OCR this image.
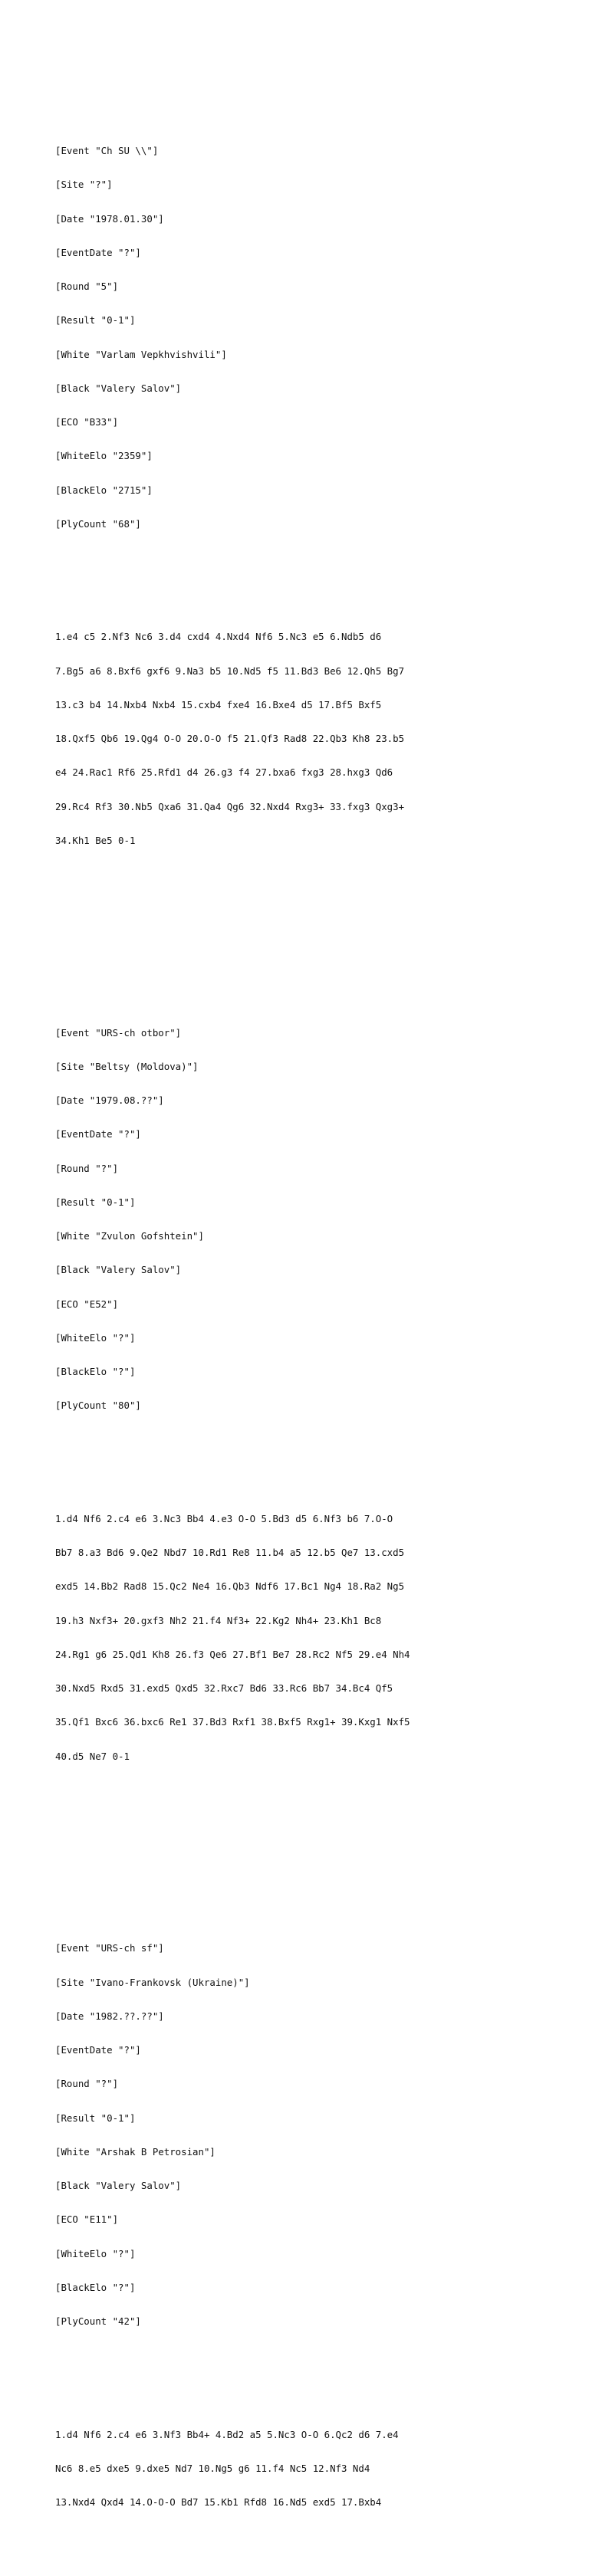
[Event "Ch SU \\"]

[Site "?"]

[Date "1978.01.30"]

[EventDate "?"]

[Round "5"]

[Result "0-1"]

[White "Varlam Vepkhvishvili"]

[Black "Valery Salov"]

[ECO "B33"]

[WhiteElo "2359"]

[BlackElo "2715"]

[PlyCount "68"]

1.e4 c5 2.Nf3 Nc6 3.d4 cxd4 4.Nxd4 Nf6 5.Nc3 e5 6.Ndb5 d6

7.Bg5 a6 8.Bxf6 gxf6 9.Na3 b5 10.Nd5 f5 11.Bd3 Be6 12.Qh5 Bg7

13.c3 b4 14.Nxb4 Nxb4 15.cxb4 fxe4 16.Bxe4 d5 17.Bf5 Bxf5

18.Qxf5 Qb6 19.Qg4 O-O 20.O-O f5 21.Qf3 Rad8 22.Qb3 Kh8 23.b5

e4 24.Rac1 Rf6 25.Rfd1 d4 26.g3 f4 27.bxa6 fxg3 28.hxg3 Qd6

29.Rc4 Rf3 30.Nb5 Qxa6 31.Qa4 Qg6 32.Nxd4 Rxg3+ 33.fxg3 Qxg3+

34.Kh1 Be5 0-1

[Event "URS-ch otbor"]

[Site "Beltsy (Moldova)"]

[Date "1979.08.??"]

[EventDate "?"]

[Round "?"]

[Result "0-1"]

[White "Zvulon Gofshtein"]

[Black "Valery Salov"]

[ECO "E52"]

[WhiteElo "?"]

[BlackElo "?"]

[PlyCount "80"]

1.d4 Nf6 2.c4 e6 3.Nc3 Bb4 4.e3 O-O 5.Bd3 d5 6.Nf3 b6 7.O-O

Bb7 8.a3 Bd6 9.Qe2 Nbd7 10.Rd1 Re8 11.b4 a5 12.b5 Qe7 13.cxd5

exd5 14.Bb2 Rad8 15.Qc2 Ne4 16.Qb3 Ndf6 17.Bc1 Ng4 18.Ra2 Ng5

19.h3 Nxf3+ 20.gxf3 Nh2 21.f4 Nf3+ 22.Kg2 Nh4+ 23.Kh1 Bc8

24.Rg1 g6 25.Qd1 Kh8 26.f3 Qe6 27.Bf1 Be7 28.Rc2 Nf5 29.e4 Nh4

30.Nxd5 Rxd5 31.exd5 Qxd5 32.Rxc7 Bd6 33.Rc6 Bb7 34.Bc4 Qf5

35.Qf1 Bxc6 36.bxc6 Re1 37.Bd3 Rxf1 38.Bxf5 Rxg1+ 39.Kxg1 Nxf5

40.d5 Ne7 0-1

[Event "URS-ch sf"]

[Site "Ivano-Frankovsk (Ukraine)"]

[Date "1982.??.??"]

[EventDate "?"]

[Round "?"]

[Result "0-1"]

[White "Arshak B Petrosian"]

[Black "Valery Salov"]

[ECO "E11"]

[WhiteElo "?"]

[BlackElo "?"]

[PlyCount "42"]

1.d4 Nf6 2.c4 e6 3.Nf3 Bb4+ 4.Bd2 a5 5.Nc3 O-O 6.Qc2 d6 7.e4

Nc6 8.e5 dxe5 9.dxe5 Nd7 10.Ng5 g6 11.f4 Nc5 12.Nf3 Nd4

13.Nxd4 Qxd4 14.O-O-O Bd7 15.Kb1 Rfd8 16.Nd5 exd5 17.Bxb4
